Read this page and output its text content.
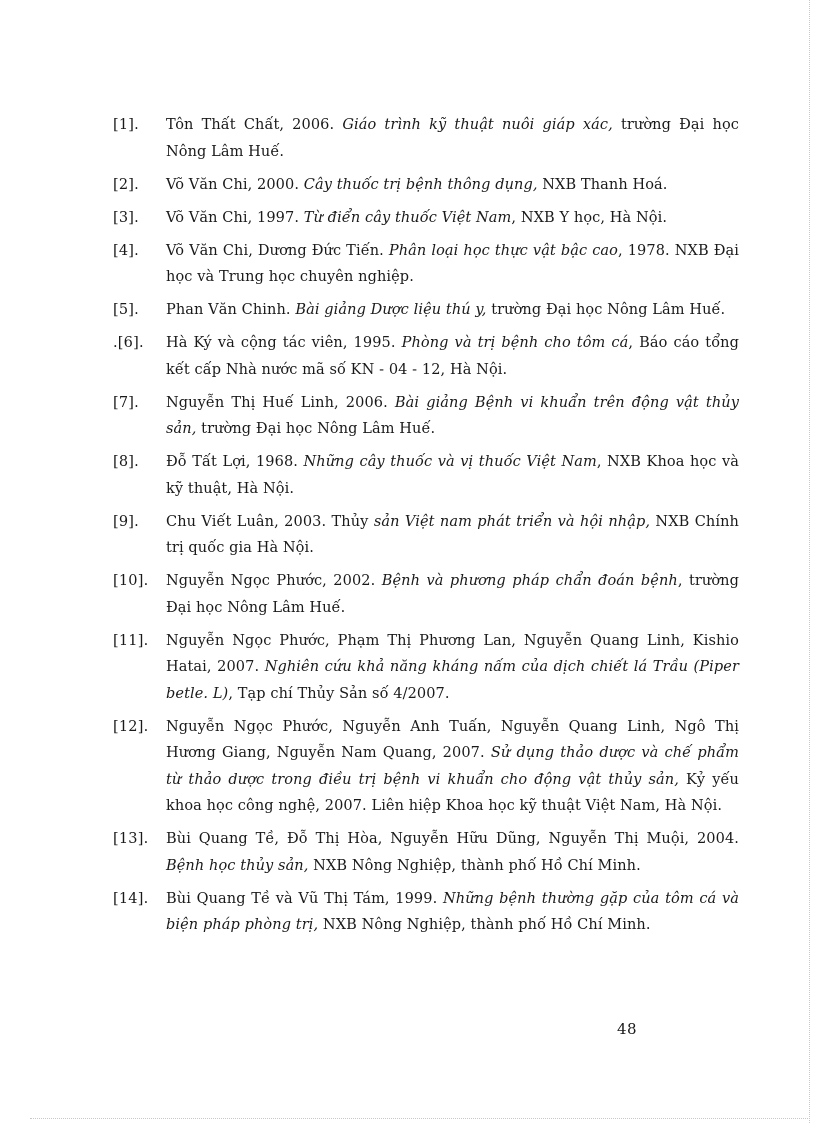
[1].	Tôn Thất Chất, 2006. Giáo trình kỹ thuật nuôi giáp xác, trường Đại học Nông Lâm Huế.
[2].	Võ Văn Chi, 2000. Cây thuốc trị bệnh thông dụng, NXB Thanh Hoá.
[3].	Võ Văn Chi, 1997. Từ điển cây thuốc Việt Nam, NXB Y học, Hà Nội.
[4].	Võ Văn Chi, Dương Đức Tiến. Phân loại học thực vật bậc cao, 1978. NXB Đại học và Trung học chuyên nghiệp.
[5].	Phan Văn Chinh. Bài giảng Dược liệu thú y, trường Đại học Nông Lâm Huế.
.[6].	Hà Ký và cộng tác viên, 1995. Phòng và trị bệnh cho tôm cá, Báo cáo tổng kết cấp Nhà nước mã số KN - 04 - 12, Hà Nội.
[7].	Nguyễn Thị Huế Linh, 2006. Bài giảng Bệnh vi khuẩn trên động vật thủy sản, trường Đại học Nông Lâm Huế.
[8].	Đỗ Tất Lợi, 1968. Những cây thuốc và vị thuốc Việt Nam, NXB Khoa học và kỹ thuật, Hà Nội.
[9].	Chu Viết Luân, 2003. Thủy sản Việt nam phát triển và hội nhập, NXB Chính trị quốc gia Hà Nội.
[10].	Nguyễn Ngọc Phước, 2002. Bệnh và phương pháp chẩn đoán bệnh, trường Đại học Nông Lâm Huế.
[11].	Nguyễn Ngọc Phước, Phạm Thị Phương Lan, Nguyễn Quang Linh, Kishio Hatai, 2007. Nghiên cứu khả năng kháng nấm của dịch chiết lá Trầu (Piper betle. L), Tạp chí Thủy Sản số 4/2007.
[12].	Nguyễn Ngọc Phước, Nguyễn Anh Tuấn, Nguyễn Quang Linh, Ngô Thị Hương Giang, Nguyễn Nam Quang, 2007. Sử dụng thảo dược và chế phẩm từ thảo dược trong điều trị bệnh vi khuẩn cho động vật thủy sản, Kỷ yếu khoa học công nghệ, 2007. Liên hiệp Khoa học kỹ thuật Việt Nam, Hà Nội.
[13].	Bùi Quang Tề, Đỗ Thị Hòa, Nguyễn Hữu Dũng, Nguyễn Thị Muội, 2004. Bệnh học thủy sản, NXB Nông Nghiệp, thành phố Hồ Chí Minh.
[14].	Bùi Quang Tề và Vũ Thị Tám, 1999. Những bệnh thường gặp của tôm cá và biện pháp phòng trị, NXB Nông Nghiệp, thành phố Hồ Chí Minh.
48
